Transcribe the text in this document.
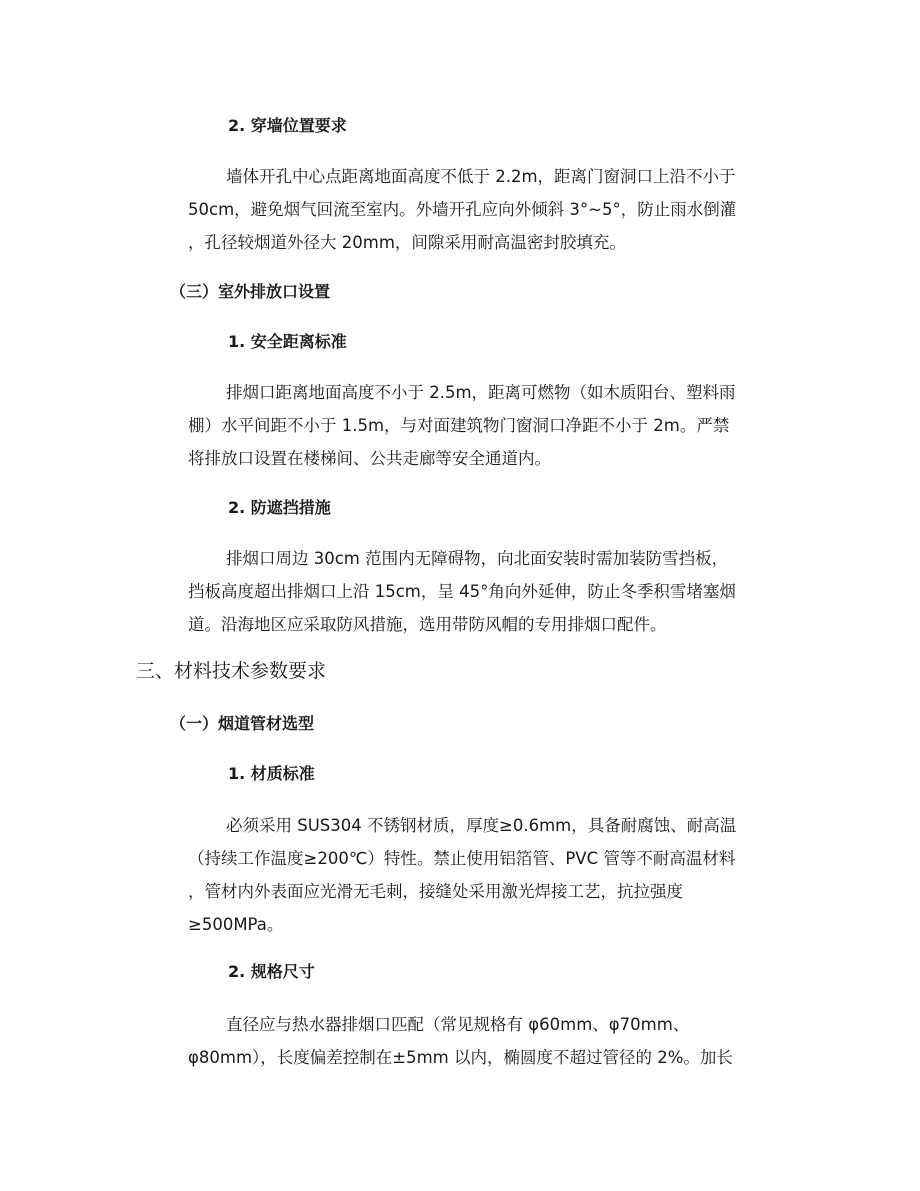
2. 穿墙位置要求
墙体开孔中心点距离地面高度不低于 2.2m，距离门窗洞口上沿不小于
50cm，避免烟气回流至室内。外墙开孔应向外倾斜 3°~5°，防止雨水倒灌
，孔径较烟道外径大 20mm，间隙采用耐高温密封胶填充。
（三）室外排放口设置
1. 安全距离标准
排烟口距离地面高度不小于 2.5m，距离可燃物（如木质阳台、塑料雨
棚）水平间距不小于 1.5m，与对面建筑物门窗洞口净距不小于 2m。严禁
将排放口设置在楼梯间、公共走廊等安全通道内。
2. 防遮挡措施
排烟口周边 30cm 范围内无障碍物，向北面安装时需加装防雪挡板，
挡板高度超出排烟口上沿 15cm，呈 45°角向外延伸，防止冬季积雪堵塞烟
道。沿海地区应采取防风措施，选用带防风帽的专用排烟口配件。
三、材料技术参数要求
（一）烟道管材选型
1. 材质标准
必须采用 SUS304 不锈钢材质，厚度≥0.6mm，具备耐腐蚀、耐高温
（持续工作温度≥200℃）特性。禁止使用铝箔管、PVC 管等不耐高温材料
，管材内外表面应光滑无毛刺，接缝处采用激光焊接工艺，抗拉强度
≥500MPa。
2. 规格尺寸
直径应与热水器排烟口匹配（常见规格有 φ60mm、φ70mm、
φ80mm），长度偏差控制在±5mm 以内，椭圆度不超过管径的 2%。加长
